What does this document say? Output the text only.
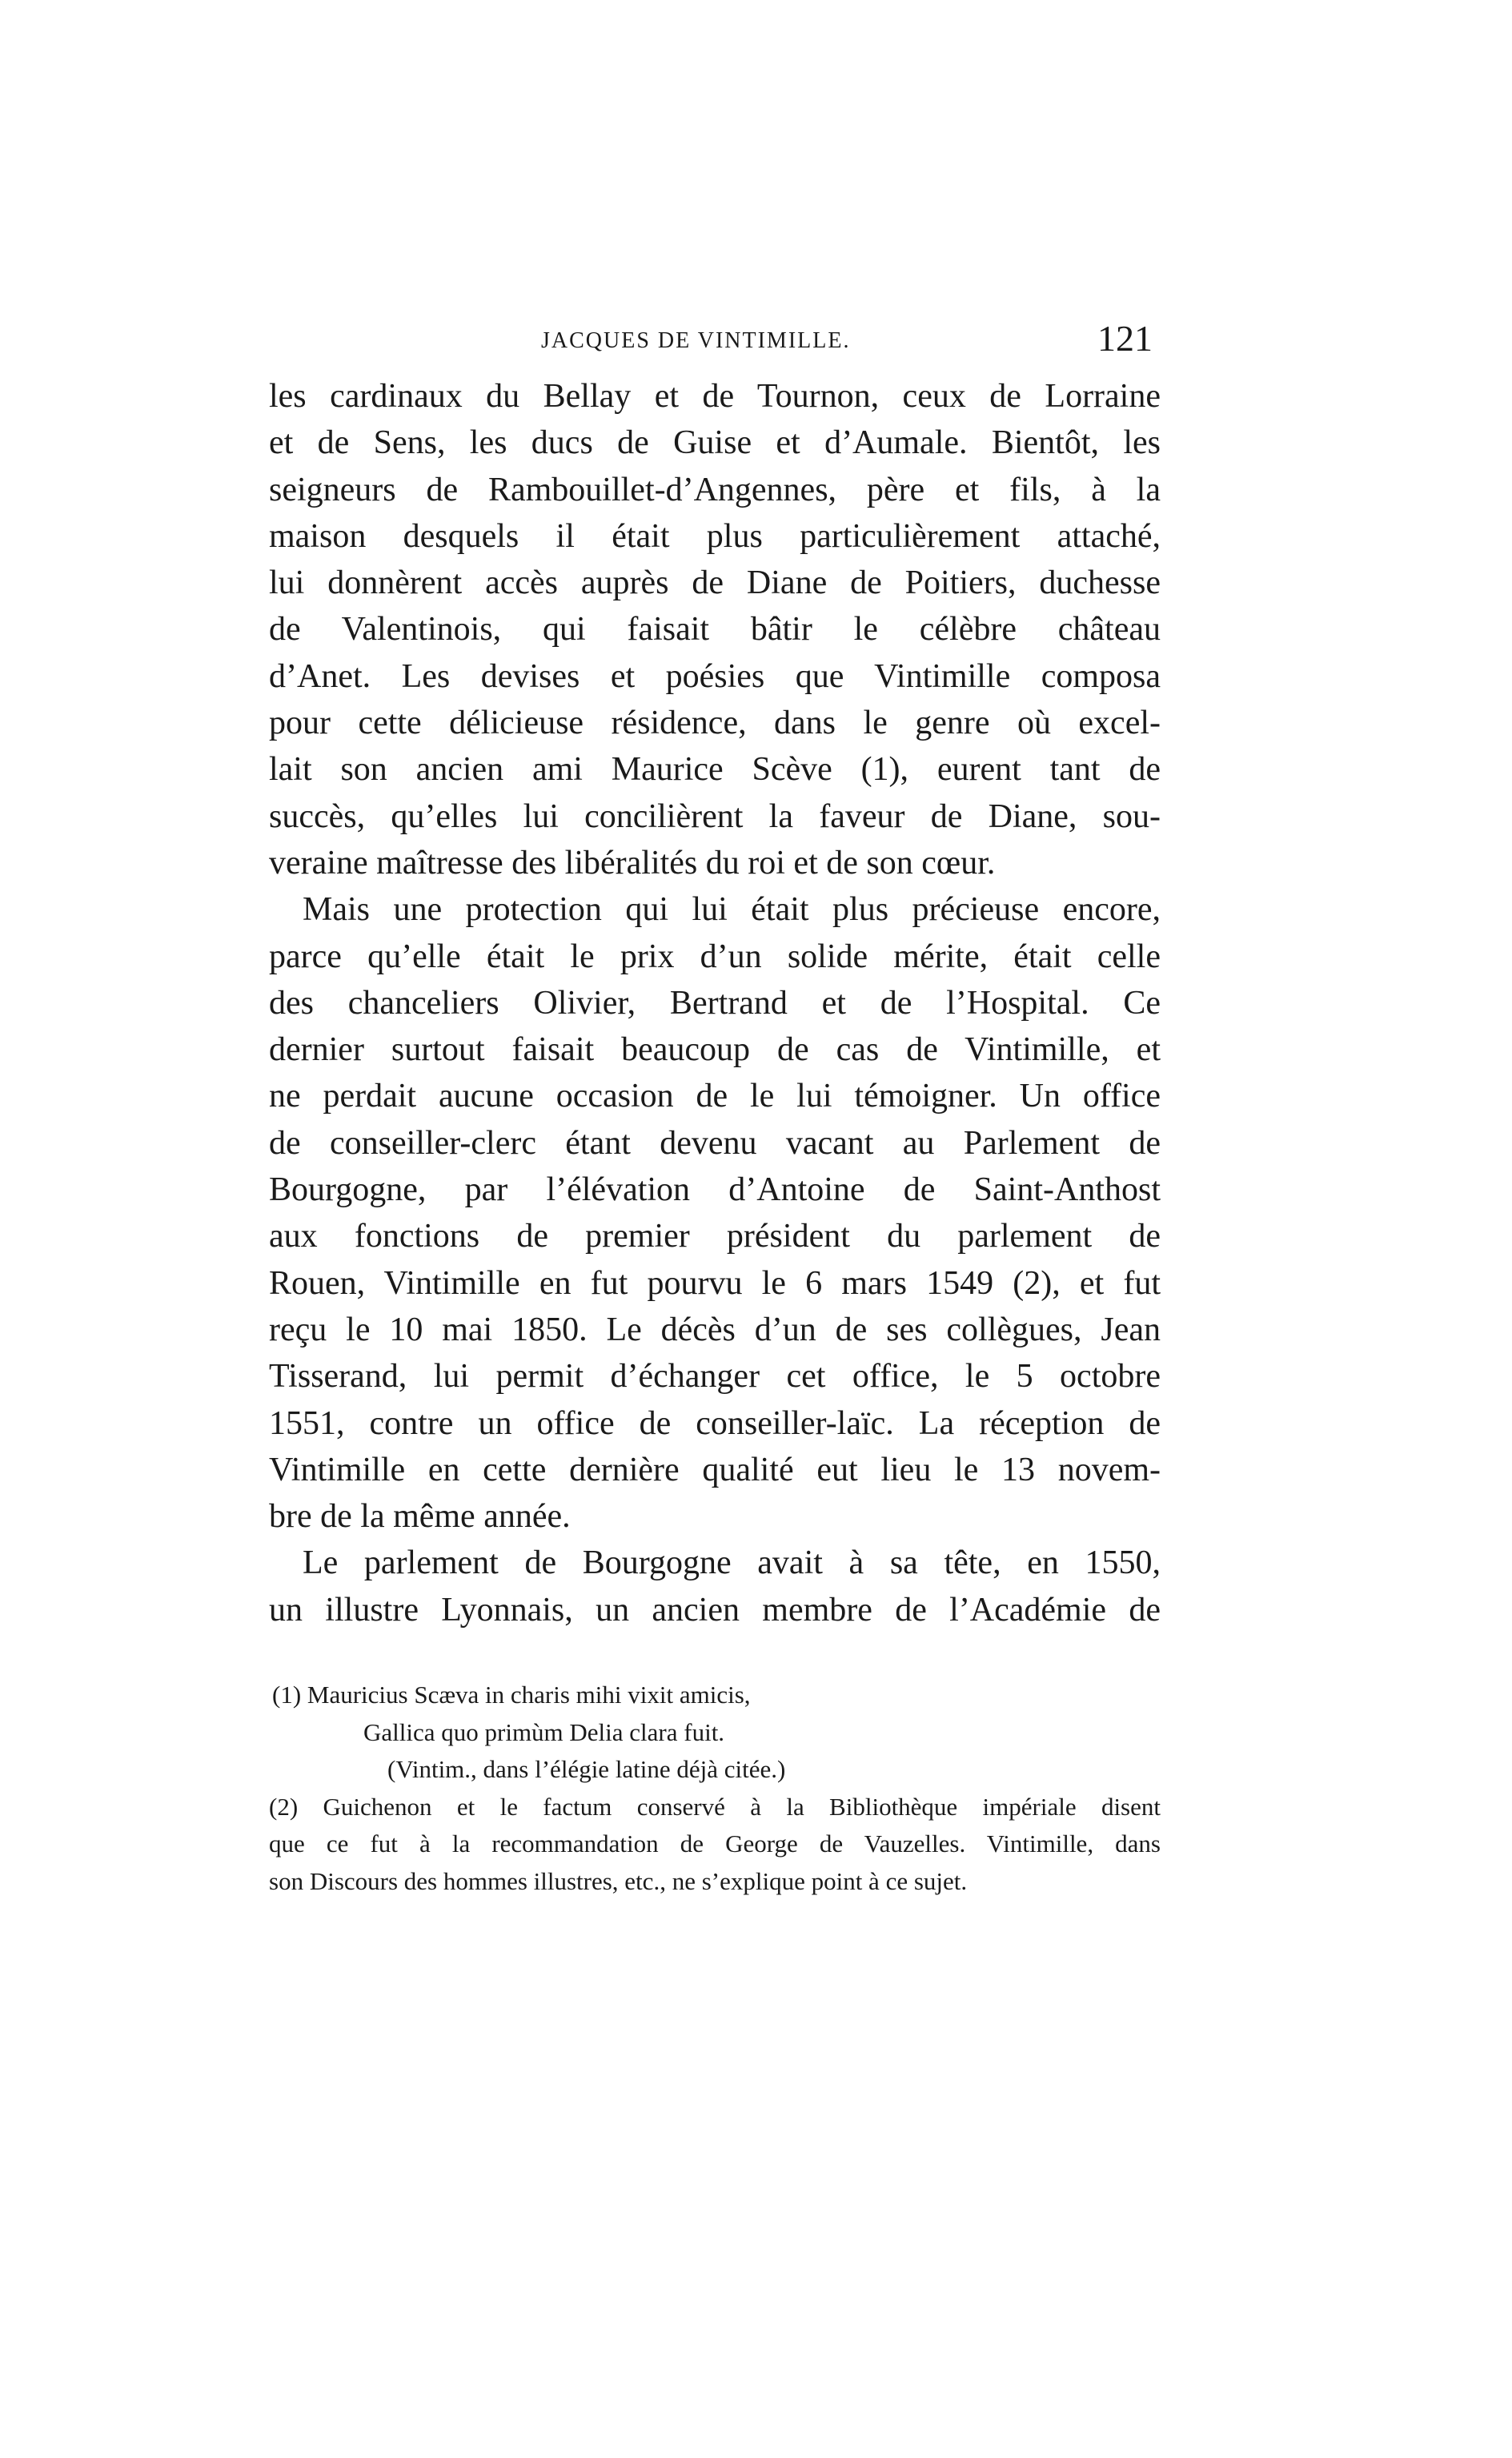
JACQUES DE VINTIMILLE.	121
les cardinaux du Bellay et de Tournon, ceux de Lorraine
et de Sens, les ducs de Guise et d’Aumale. Bientôt, les
seigneurs de Rambouillet-d’Angennes, père et fils, à la
maison desquels il était plus particulièrement attaché,
lui donnèrent accès auprès de Diane de Poitiers, duchesse
de Valentinois, qui faisait bâtir le célèbre château
d’Anet. Les devises et poésies que Vintimille composa
pour cette délicieuse résidence, dans le genre où excel-
lait son ancien ami Maurice Scève (1), eurent tant de
succès, qu’elles lui concilièrent la faveur de Diane, sou-
veraine maîtresse des libéralités du roi et de son cœur.
Mais une protection qui lui était plus précieuse encore,
parce qu’elle était le prix d’un solide mérite, était celle
des chanceliers Olivier, Bertrand et de l’Hospital. Ce
dernier surtout faisait beaucoup de cas de Vintimille, et
ne perdait aucune occasion de le lui témoigner. Un office
de conseiller-clerc étant devenu vacant au Parlement de
Bourgogne, par l’élévation d’Antoine de Saint-Anthost
aux fonctions de premier président du parlement de
Rouen, Vintimille en fut pourvu le 6 mars 1549 (2), et fut
reçu le 10 mai 1850. Le décès d’un de ses collègues, Jean
Tisserand, lui permit d’échanger cet office, le 5 octobre
1551, contre un office de conseiller-laïc. La réception de
Vintimille en cette dernière qualité eut lieu le 13 novem-
bre de la même année.
Le parlement de Bourgogne avait à sa tête, en 1550,
un illustre Lyonnais, un ancien membre de l’Académie de
(1) Mauricius Scæva in charis mihi vixit amicis,
Gallica quo primùm Delia clara fuit.
(Vintim., dans l’élégie latine déjà citée.)
(2) Guichenon et le factum conservé à la Bibliothèque impériale disent
que ce fut à la recommandation de George de Vauzelles. Vintimille, dans
son Discours des hommes illustres, etc., ne s’explique point à ce sujet.
